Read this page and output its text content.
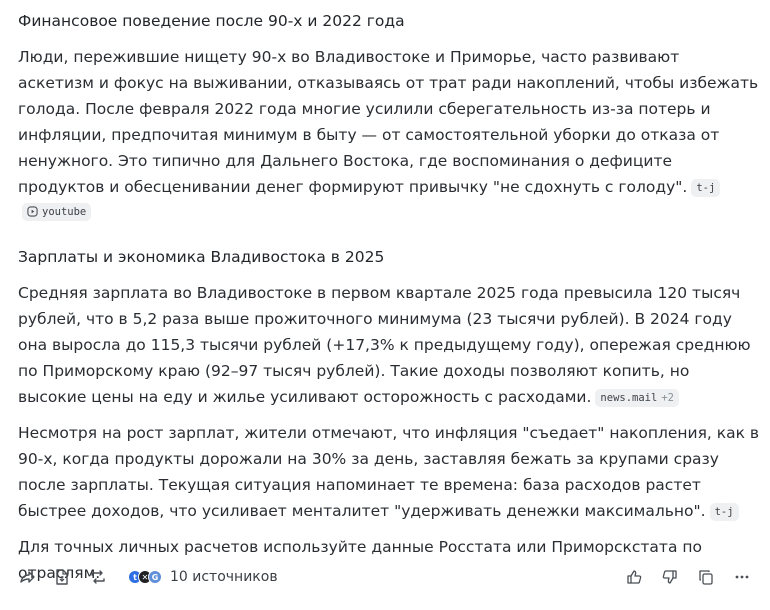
Финансовое поведение после 90-х и 2022 года

Люди, пережившие нищету 90-х во Владивостоке и Приморье, часто развивают аскетизм и фокус на выживании, отказываясь от трат ради накоплений, чтобы избежать голода. После февраля 2022 года многие усилили сберегательность из-за потерь и инфляции, предпочитая минимум в быту — от самостоятельной уборки до отказа от ненужного. Это типично для Дальнего Востока, где воспоминания о дефиците продуктов и обесценивании денег формируют привычку "не сдохнуть с голоду". t-j
youtube

Зарплаты и экономика Владивостока в 2025

Средняя зарплата во Владивостоке в первом квартале 2025 года превысила 120 тысяч рублей, что в 5,2 раза выше прожиточного минимума (23 тысячи рублей). В 2024 году она выросла до 115,3 тысячи рублей (+17,3% к предыдущему году), опережая среднюю по Приморскому краю (92–97 тысяч рублей). Такие доходы позволяют копить, но высокие цены на еду и жилье усиливают осторожность с расходами. news.mail +2

Несмотря на рост зарплат, жители отмечают, что инфляция "съедает" накопления, как в 90-х, когда продукты дорожали на 30% за день, заставляя бежать за крупами сразу после зарплаты. Текущая ситуация напоминает те времена: база расходов растет быстрее доходов, что усиливает менталитет "удерживать денежки максимально". t-j

Для точных личных расчетов используйте данные Росстата или Приморскстата по отраслям.	t ✕ G 10 источников
